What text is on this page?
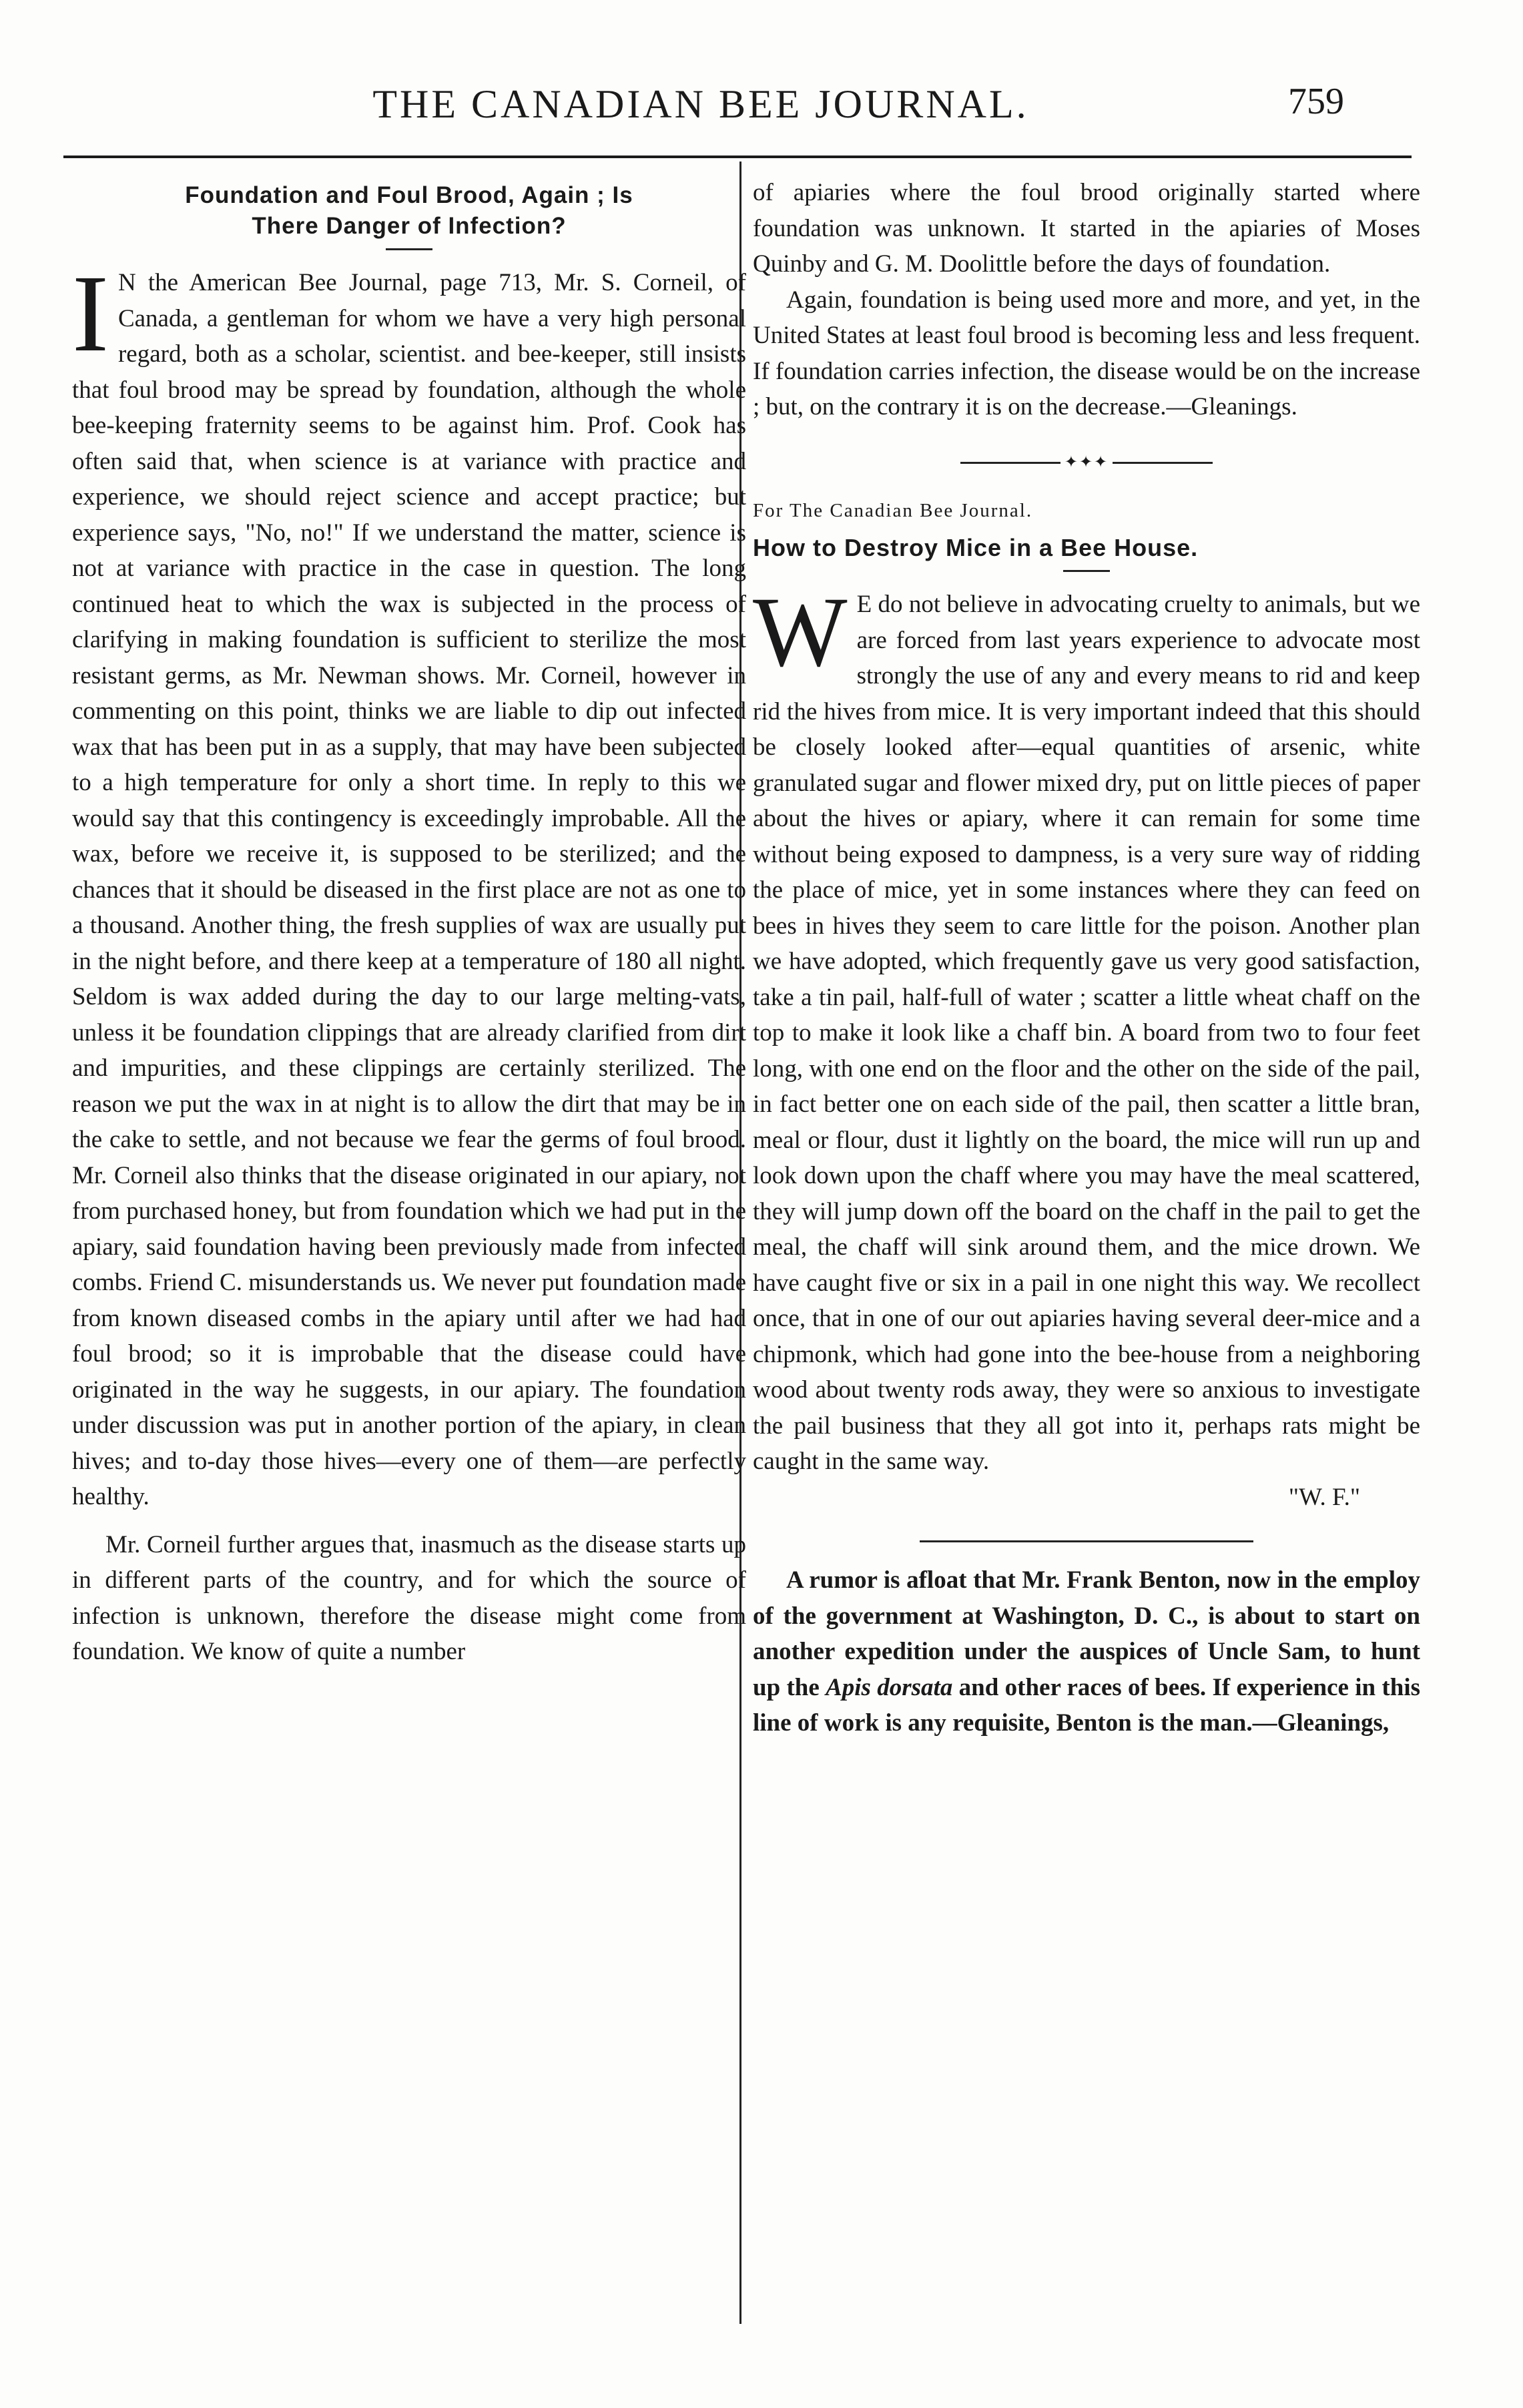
THE CANADIAN BEE JOURNAL.	759
Foundation and Foul Brood, Again ; Is
There Danger of Infection?

I N the American Bee Journal, page 713, Mr. S. Corneil, of Canada, a gentleman for whom we have a very high personal regard, both as a scholar, scientist. and bee-keeper, still insists that foul brood may be spread by foundation, although the whole bee-keeping fraternity seems to be against him. Prof. Cook has often said that, when science is at variance with practice and experience, we should reject science and accept practice; but experience says, "No, no!" If we understand the matter, science is not at variance with practice in the case in question. The long continued heat to which the wax is subjected in the process of clarifying in making foundation is sufficient to sterilize the most resistant germs, as Mr. Newman shows. Mr. Corneil, however in commenting on this point, thinks we are liable to dip out infected wax that has been put in as a supply, that may have been subjected to a high temperature for only a short time. In reply to this we would say that this contingency is exceedingly improbable. All the wax, before we receive it, is supposed to be sterilized; and the chances that it should be diseased in the first place are not as one to a thousand. Another thing, the fresh supplies of wax are usually put in the night before, and there keep at a temperature of 180 all night. Seldom is wax added during the day to our large melting-vats, unless it be foundation clippings that are already clarified from dirt and impurities, and these clippings are certainly sterilized. The reason we put the wax in at night is to allow the dirt that may be in the cake to settle, and not because we fear the germs of foul brood. Mr. Corneil also thinks that the disease originated in our apiary, not from purchased honey, but from foundation which we had put in the apiary, said foundation having been previously made from infected combs. Friend C. misunderstands us. We never put foundation made from known diseased combs in the apiary until after we had had foul brood; so it is improbable that the disease could have originated in the way he suggests, in our apiary. The foundation under discussion was put in another portion of the apiary, in clean hives; and to-day those hives—every one of them—are perfectly healthy.

Mr. Corneil further argues that, inasmuch as the disease starts up in different parts of the country, and for which the source of infection is unknown, therefore the disease might come from foundation. We know of quite a number

of apiaries where the foul brood originally started where foundation was unknown. It started in the apiaries of Moses Quinby and G. M. Doolittle before the days of foundation.

Again, foundation is being used more and more, and yet, in the United States at least foul brood is becoming less and less frequent. If foundation carries infection, the disease would be on the increase ; but, on the contrary it is on the decrease.—Gleanings.

✦✦✦
For The Canadian Bee Journal.
How to Destroy Mice in a Bee House.

W E do not believe in advocating cruelty to animals, but we are forced from last years experience to advocate most strongly the use of any and every means to rid and keep rid the hives from mice. It is very important indeed that this should be closely looked after—equal quantities of arsenic, white granulated sugar and flower mixed dry, put on little pieces of paper about the hives or apiary, where it can remain for some time without being exposed to dampness, is a very sure way of ridding the place of mice, yet in some instances where they can feed on bees in hives they seem to care little for the poison. Another plan we have adopted, which frequently gave us very good satisfaction, take a tin pail, half-full of water ; scatter a little wheat chaff on the top to make it look like a chaff bin. A board from two to four feet long, with one end on the floor and the other on the side of the pail, in fact better one on each side of the pail, then scatter a little bran, meal or flour, dust it lightly on the board, the mice will run up and look down upon the chaff where you may have the meal scattered, they will jump down off the board on the chaff in the pail to get the meal, the chaff will sink around them, and the mice drown. We have caught five or six in a pail in one night this way. We recollect once, that in one of our out apiaries having several deer-mice and a chipmonk, which had gone into the bee-house from a neighboring wood about twenty rods away, they were so anxious to investigate the pail business that they all got into it, perhaps rats might be caught in the same way.

"W. F."

A rumor is afloat that Mr. Frank Benton, now in the employ of the government at Washington, D. C., is about to start on another expedition under the auspices of Uncle Sam, to hunt up the Apis dorsata and other races of bees. If experience in this line of work is any requisite, Benton is the man.—Gleanings,
